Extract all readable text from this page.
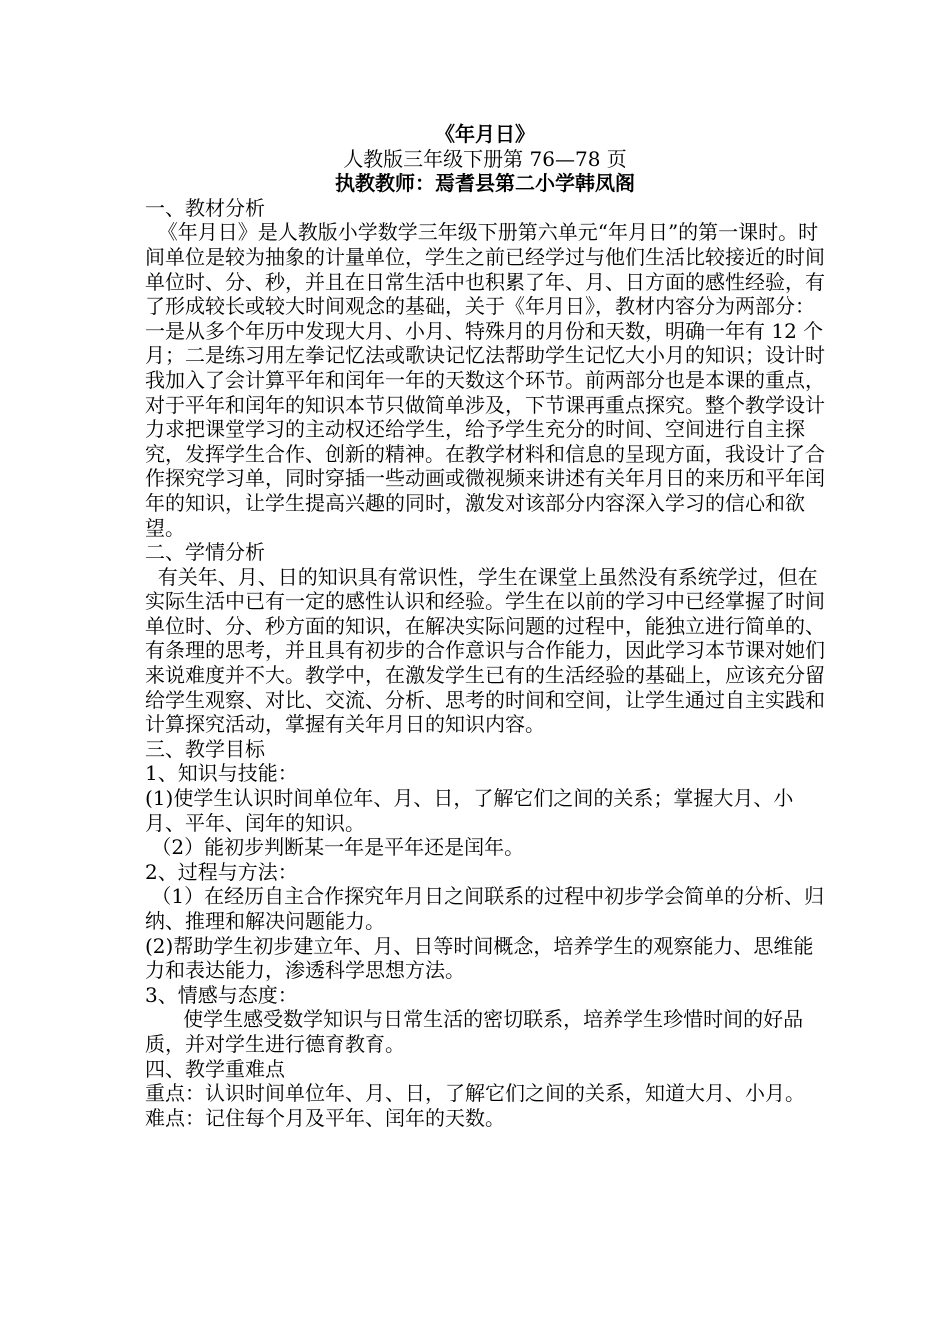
《年月日》

人教版三年级下册第 76—78 页

执教教师：焉耆县第二小学韩凤阁

一、教材分析

《年月日》是人教版小学数学三年级下册第六单元“年月日”的第一课时。时间单位是较为抽象的计量单位，学生之前已经学过与他们生活比较接近的时间单位时、分、秒，并且在日常生活中也积累了年、月、日方面的感性经验，有了形成较长或较大时间观念的基础，关于《年月日》，教材内容分为两部分：一是从多个年历中发现大月、小月、特殊月的月份和天数，明确一年有 12 个月；二是练习用左拳记忆法或歌诀记忆法帮助学生记忆大小月的知识；设计时我加入了会计算平年和闰年一年的天数这个环节。前两部分也是本课的重点，对于平年和闰年的知识本节只做简单涉及，下节课再重点探究。整个教学设计力求把课堂学习的主动权还给学生，给予学生充分的时间、空间进行自主探究，发挥学生合作、创新的精神。在教学材料和信息的呈现方面，我设计了合作探究学习单，同时穿插一些动画或微视频来讲述有关年月日的来历和平年闰年的知识，让学生提高兴趣的同时，激发对该部分内容深入学习的信心和欲望。

二、学情分析

有关年、月、日的知识具有常识性，学生在课堂上虽然没有系统学过，但在实际生活中已有一定的感性认识和经验。学生在以前的学习中已经掌握了时间单位时、分、秒方面的知识，在解决实际问题的过程中，能独立进行简单的、有条理的思考，并且具有初步的合作意识与合作能力，因此学习本节课对她们来说难度并不大。教学中，在激发学生已有的生活经验的基础上，应该充分留给学生观察、对比、交流、分析、思考的时间和空间，让学生通过自主实践和计算探究活动，掌握有关年月日的知识内容。

三、教学目标

1、知识与技能：

(1)使学生认识时间单位年、月、日，了解它们之间的关系；掌握大月、小月、平年、闰年的知识。

（2）能初步判断某一年是平年还是闰年。

2、过程与方法：

（1）在经历自主合作探究年月日之间联系的过程中初步学会简单的分析、归纳、推理和解决问题能力。

(2)帮助学生初步建立年、月、日等时间概念，培养学生的观察能力、思维能力和表达能力，渗透科学思想方法。

3、情感与态度：

使学生感受数学知识与日常生活的密切联系，培养学生珍惜时间的好品质，并对学生进行德育教育。

四、教学重难点

重点：认识时间单位年、月、日，了解它们之间的关系，知道大月、小月。

难点：记住每个月及平年、闰年的天数。
